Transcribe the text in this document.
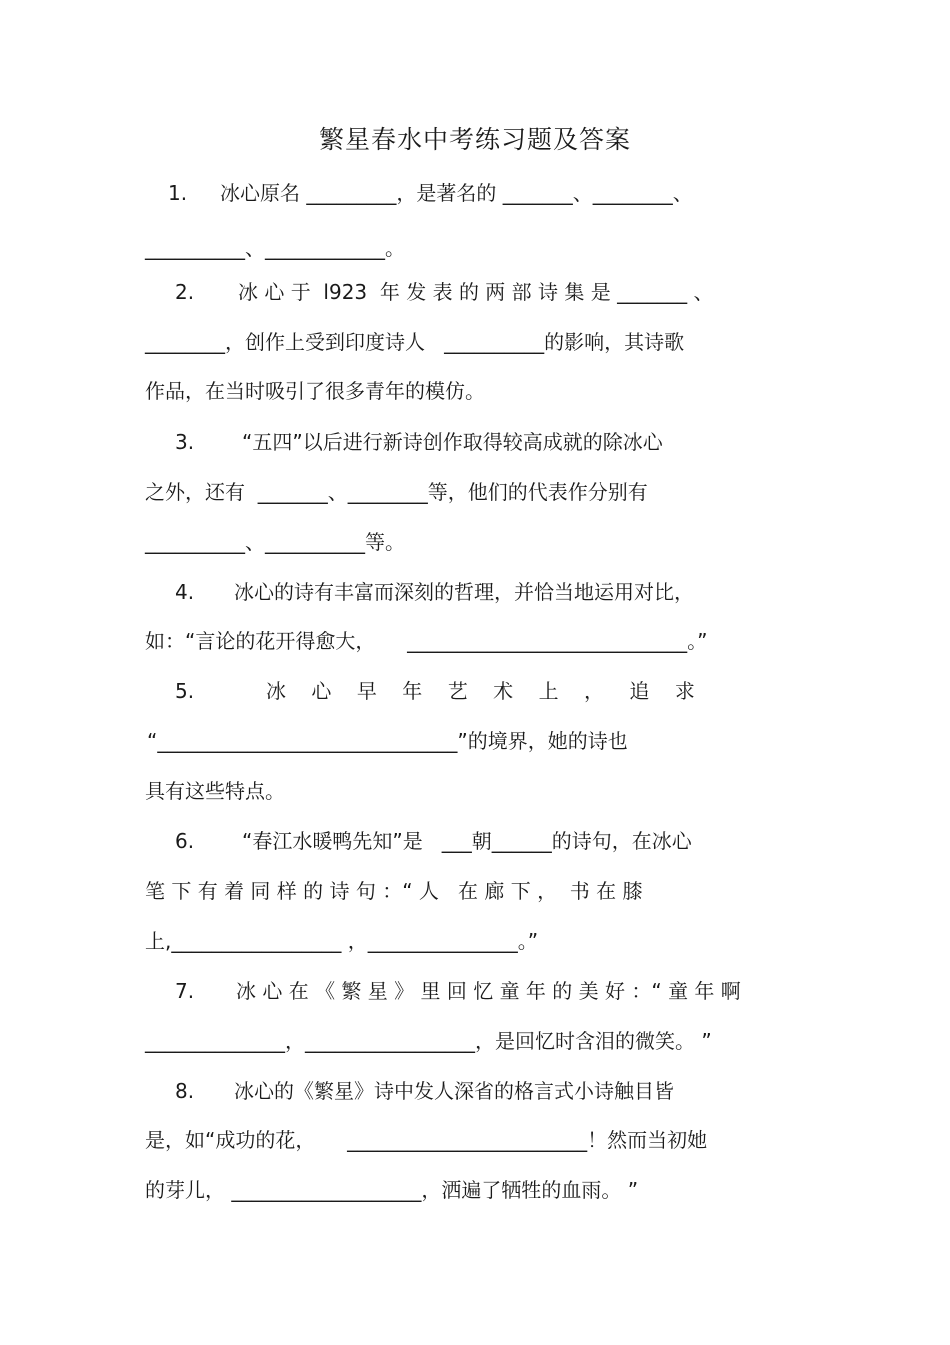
繁星春水中考练习题及答案
1. 冰心原名 _________，是著名的 _______、________、
__________、____________。
2. 冰 心 于  l923  年 发 表 的 两 部 诗 集 是 _______ 、
________，创作上受到印度诗人   __________的影响，其诗歌
作品，在当时吸引了很多青年的模仿。
3. “五四”以后进行新诗创作取得较高成就的除冰心
之外，还有  _______、________等，他们的代表作分别有
__________、__________等。
4. 冰心的诗有丰富而深刻的哲理，并恰当地运用对比，
如：“言论的花开得愈大，     ____________________________。”
5.	冰    心    早    年    艺    术    上    ，    追    求
“______________________________”的境界，她的诗也
具有这些特点。
6. “春江水暖鸭先知”是   ___朝______的诗句，在冰心
笔 下 有 着 同 样 的 诗 句 ：“ 人   在 廊 下 ，  书 在 膝
上,_________________ ，_______________。”
7. 冰 心 在 《 繁 星 》 里 回 忆 童 年 的 美 好 ：“ 童 年 啊
______________，_________________，是回忆时含泪的微笑。 ”
8. 冰心的《繁星》诗中发人深省的格言式小诗触目皆
是，如“成功的花，     ________________________！然而当初她
的芽儿， ___________________，洒遍了牺牲的血雨。 ”
